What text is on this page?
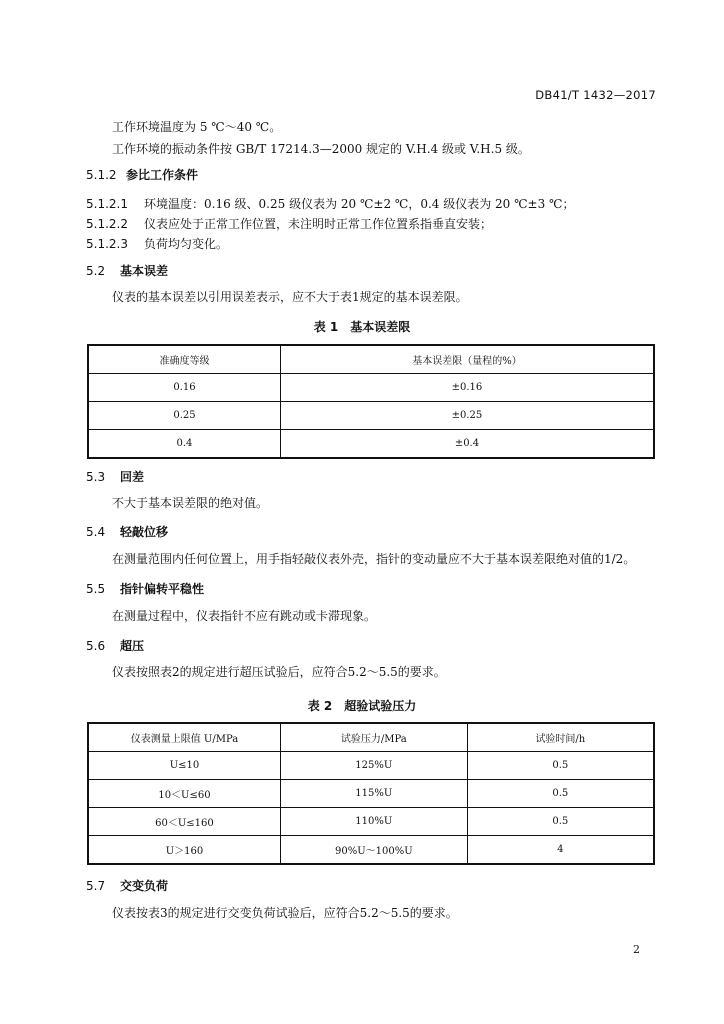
DB41/T 1432—2017
工作环境温度为 5 ℃～40 ℃。
工作环境的振动条件按 GB/T 17214.3—2000 规定的 V.H.4 级或 V.H.5 级。
5.1.2 参比工作条件
5.1.2.1 环境温度：0.16 级、0.25 级仪表为 20 ℃±2 ℃，0.4 级仪表为 20 ℃±3 ℃；
5.1.2.2 仪表应处于正常工作位置，未注明时正常工作位置系指垂直安装；
5.1.2.3 负荷均匀变化。
5.2 基本误差
仪表的基本误差以引用误差表示，应不大于表1规定的基本误差限。
表 1　基本误差限
准确度等级	基本误差限（量程的%）
0.16	±0.16
0.25	±0.25
0.4	±0.4
5.3 回差
不大于基本误差限的绝对值。
5.4 轻敲位移
在测量范围内任何位置上，用手指轻敲仪表外壳，指针的变动量应不大于基本误差限绝对值的1/2。
5.5 指针偏转平稳性
在测量过程中，仪表指针不应有跳动或卡滞现象。
5.6 超压
仪表按照表2的规定进行超压试验后，应符合5.2～5.5的要求。
表 2　超验试验压力
仪表测量上限值 U/MPa	试验压力/MPa	试验时间/h
U≤10	125%U	0.5
10＜U≤60	115%U	0.5
60＜U≤160	110%U	0.5
U＞160	90%U～100%U	4
5.7 交变负荷
仪表按表3的规定进行交变负荷试验后，应符合5.2～5.5的要求。
2
